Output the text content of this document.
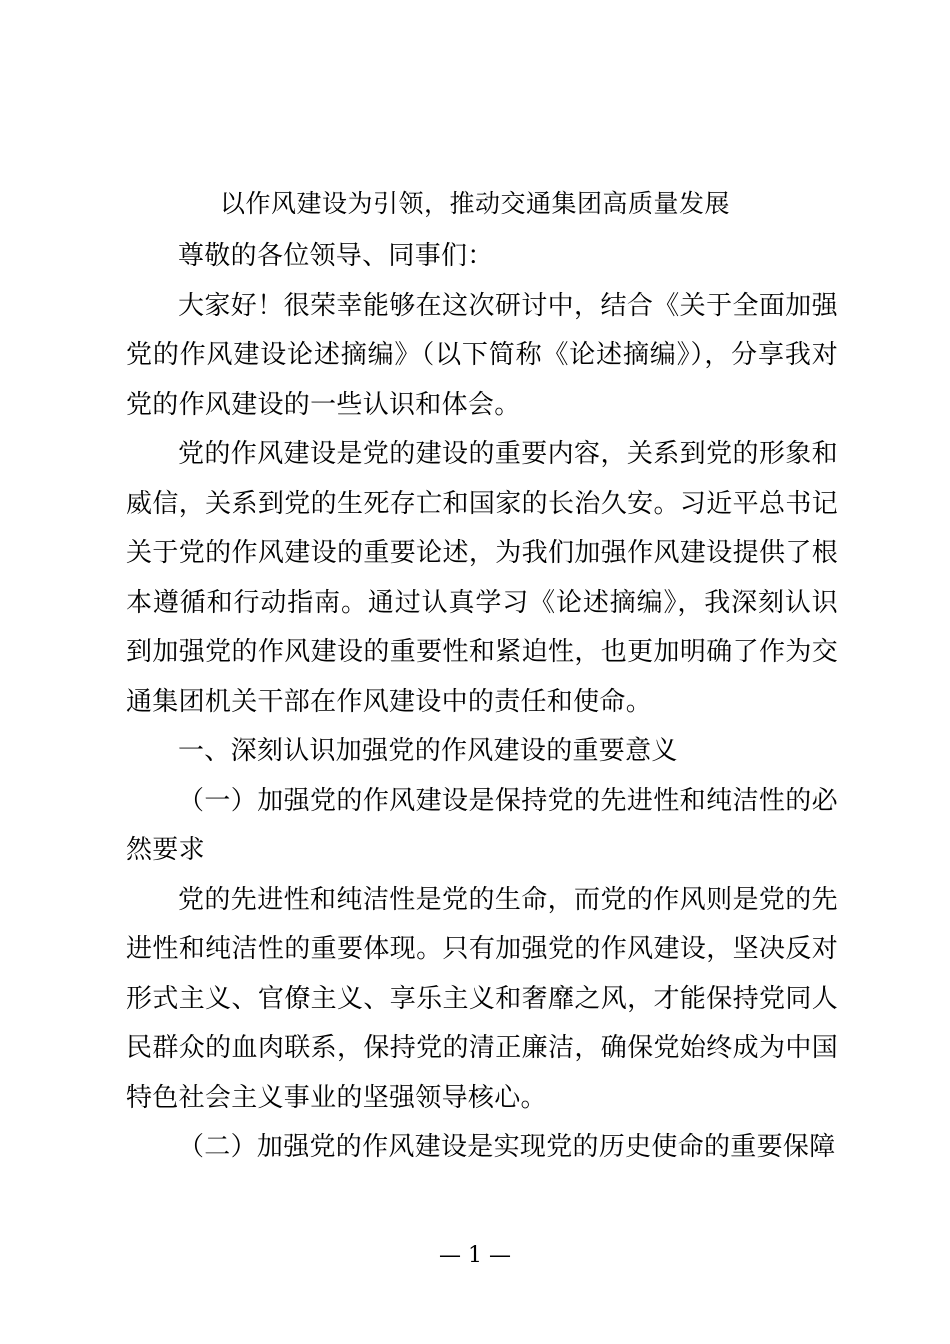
以作风建设为引领，推动交通集团高质量发展

尊敬的各位领导、同事们：

大家好！很荣幸能够在这次研讨中，结合《关于全面加强党的作风建设论述摘编》（以下简称《论述摘编》），分享我对党的作风建设的一些认识和体会。

党的作风建设是党的建设的重要内容，关系到党的形象和威信，关系到党的生死存亡和国家的长治久安。习近平总书记关于党的作风建设的重要论述，为我们加强作风建设提供了根本遵循和行动指南。通过认真学习《论述摘编》，我深刻认识到加强党的作风建设的重要性和紧迫性，也更加明确了作为交通集团机关干部在作风建设中的责任和使命。

一、深刻认识加强党的作风建设的重要意义

（一）加强党的作风建设是保持党的先进性和纯洁性的必然要求

党的先进性和纯洁性是党的生命，而党的作风则是党的先进性和纯洁性的重要体现。只有加强党的作风建设，坚决反对形式主义、官僚主义、享乐主义和奢靡之风，才能保持党同人民群众的血肉联系，保持党的清正廉洁，确保党始终成为中国特色社会主义事业的坚强领导核心。

（二）加强党的作风建设是实现党的历史使命的重要保障

— 1 —
